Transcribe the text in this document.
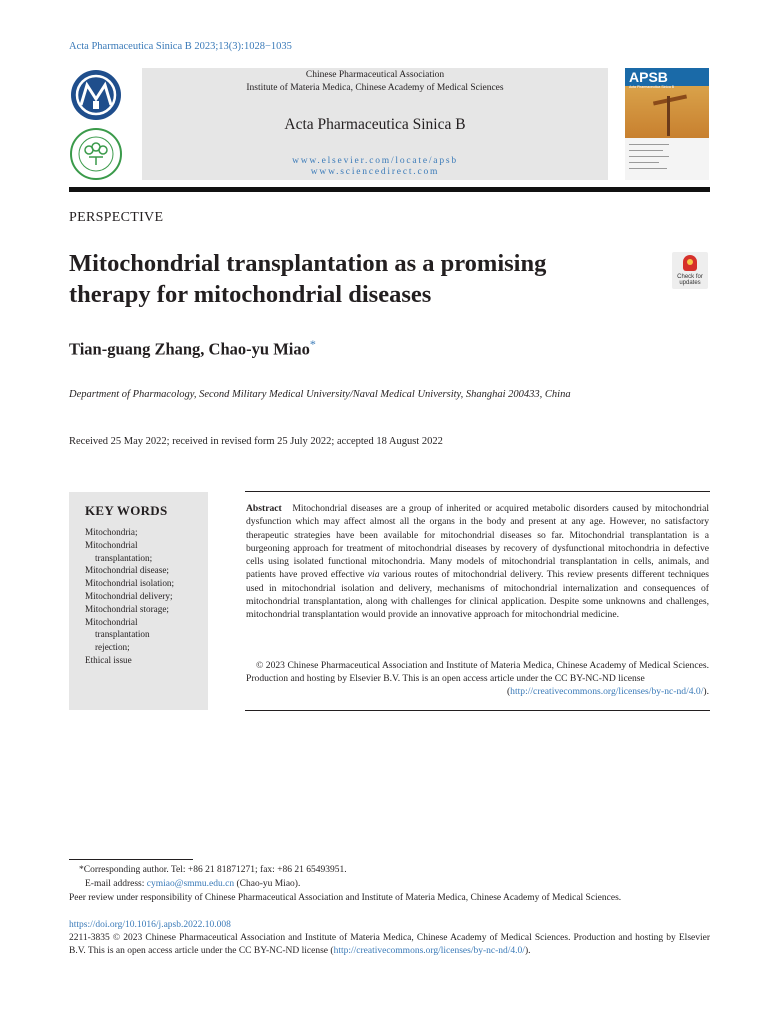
Acta Pharmaceutica Sinica B 2023;13(3):1028−1035
Chinese Pharmaceutical Association
Institute of Materia Medica, Chinese Academy of Medical Sciences
Acta Pharmaceutica Sinica B
www.elsevier.com/locate/apsb
www.sciencedirect.com
APSB
Acta Pharmaceutica Sinica B
PERSPECTIVE
Mitochondrial transplantation as a promising therapy for mitochondrial diseases
Check for updates
Tian-guang Zhang, Chao-yu Miao*
Department of Pharmacology, Second Military Medical University/Naval Medical University, Shanghai 200433, China
Received 25 May 2022; received in revised form 25 July 2022; accepted 18 August 2022
KEY WORDS
Mitochondria;
Mitochondrial
transplantation;
Mitochondrial disease;
Mitochondrial isolation;
Mitochondrial delivery;
Mitochondrial storage;
Mitochondrial
transplantation
rejection;
Ethical issue
Abstract Mitochondrial diseases are a group of inherited or acquired metabolic disorders caused by mitochondrial dysfunction which may affect almost all the organs in the body and present at any age. However, no satisfactory therapeutic strategies have been available for mitochondrial diseases so far. Mitochondrial transplantation is a burgeoning approach for treatment of mitochondrial diseases by recovery of dysfunctional mitochondria in defective cells using isolated functional mitochondria. Many models of mitochondrial transplantation in cells, animals, and patients have proved effective via various routes of mitochondrial delivery. This review presents different techniques used in mitochondrial isolation and delivery, mechanisms of mitochondrial internalization and consequences of mitochondrial transplantation, along with challenges for clinical application. Despite some unknowns and challenges, mitochondrial transplantation would provide an innovative approach for mitochondrial medicine.
© 2023 Chinese Pharmaceutical Association and Institute of Materia Medica, Chinese Academy of Medical Sciences. Production and hosting by Elsevier B.V. This is an open access article under the CC BY-NC-ND license
(http://creativecommons.org/licenses/by-nc-nd/4.0/).
*Corresponding author. Tel: +86 21 81871271; fax: +86 21 65493951.
E-mail address: cymiao@smmu.edu.cn (Chao-yu Miao).
Peer review under responsibility of Chinese Pharmaceutical Association and Institute of Materia Medica, Chinese Academy of Medical Sciences.
https://doi.org/10.1016/j.apsb.2022.10.008
2211-3835 © 2023 Chinese Pharmaceutical Association and Institute of Materia Medica, Chinese Academy of Medical Sciences. Production and hosting by Elsevier B.V. This is an open access article under the CC BY-NC-ND license (http://creativecommons.org/licenses/by-nc-nd/4.0/).
